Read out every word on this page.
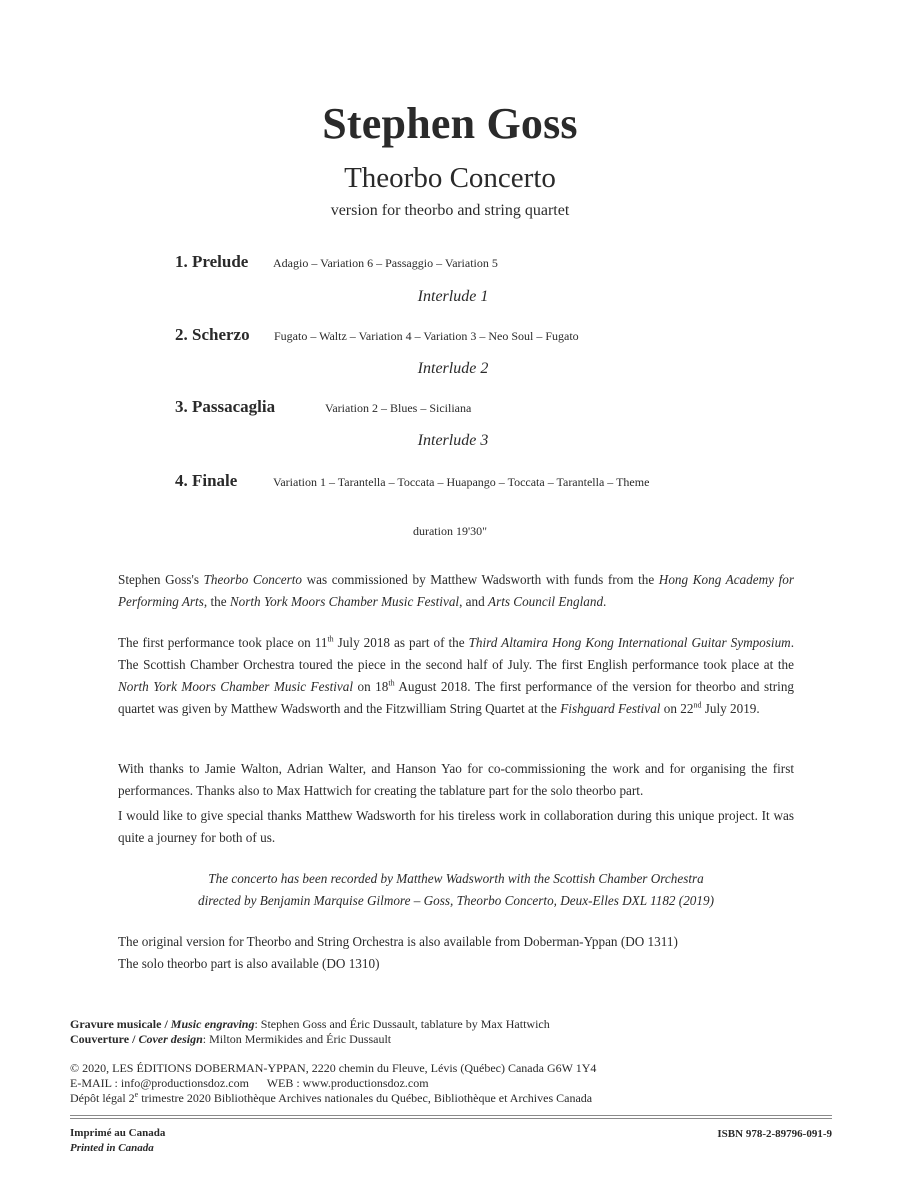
Stephen Goss
Theorbo Concerto
version for theorbo and string quartet
1. Prelude Adagio – Variation 6 – Passaggio – Variation 5
Interlude 1
2. Scherzo Fugato – Waltz – Variation 4 – Variation 3 – Neo Soul – Fugato
Interlude 2
3. Passacaglia	Variation 2 – Blues – Siciliana
Interlude 3
4. Finale	Variation 1 – Tarantella – Toccata – Huapango – Toccata – Tarantella – Theme
duration 19'30"

Stephen Goss's Theorbo Concerto was commissioned by Matthew Wadsworth with funds from the Hong Kong Academy for Performing Arts, the North York Moors Chamber Music Festival, and Arts Council England.

The first performance took place on 11th July 2018 as part of the Third Altamira Hong Kong International Guitar Symposium. The Scottish Chamber Orchestra toured the piece in the second half of July. The first English performance took place at the North York Moors Chamber Music Festival on 18th August 2018. The first performance of the version for theorbo and string quartet was given by Matthew Wadsworth and the Fitzwilliam String Quartet at the Fishguard Festival on 22nd July 2019.

With thanks to Jamie Walton, Adrian Walter, and Hanson Yao for co-commissioning the work and for organising the first performances. Thanks also to Max Hattwich for creating the tablature part for the solo theorbo part.

I would like to give special thanks Matthew Wadsworth for his tireless work in collaboration during this unique project. It was quite a journey for both of us.

The concerto has been recorded by Matthew Wadsworth with the Scottish Chamber Orchestra
directed by Benjamin Marquise Gilmore – Goss, Theorbo Concerto, Deux-Elles DXL 1182 (2019)

The original version for Theorbo and String Orchestra is also available from Doberman-Yppan (DO 1311)
The solo theorbo part is also available (DO 1310)

Gravure musicale / Music engraving: Stephen Goss and Éric Dussault, tablature by Max Hattwich
Couverture / Cover design: Milton Mermikides and Éric Dussault
© 2020, LES ÉDITIONS DOBERMAN-YPPAN, 2220 chemin du Fleuve, Lévis (Québec) Canada G6W 1Y4
E-MAIL : info@productionsdoz.com      WEB : www.productionsdoz.com
Dépôt légal 2e trimestre 2020 Bibliothèque Archives nationales du Québec, Bibliothèque et Archives Canada
Imprimé au Canada
Printed in Canada
ISBN 978-2-89796-091-9
